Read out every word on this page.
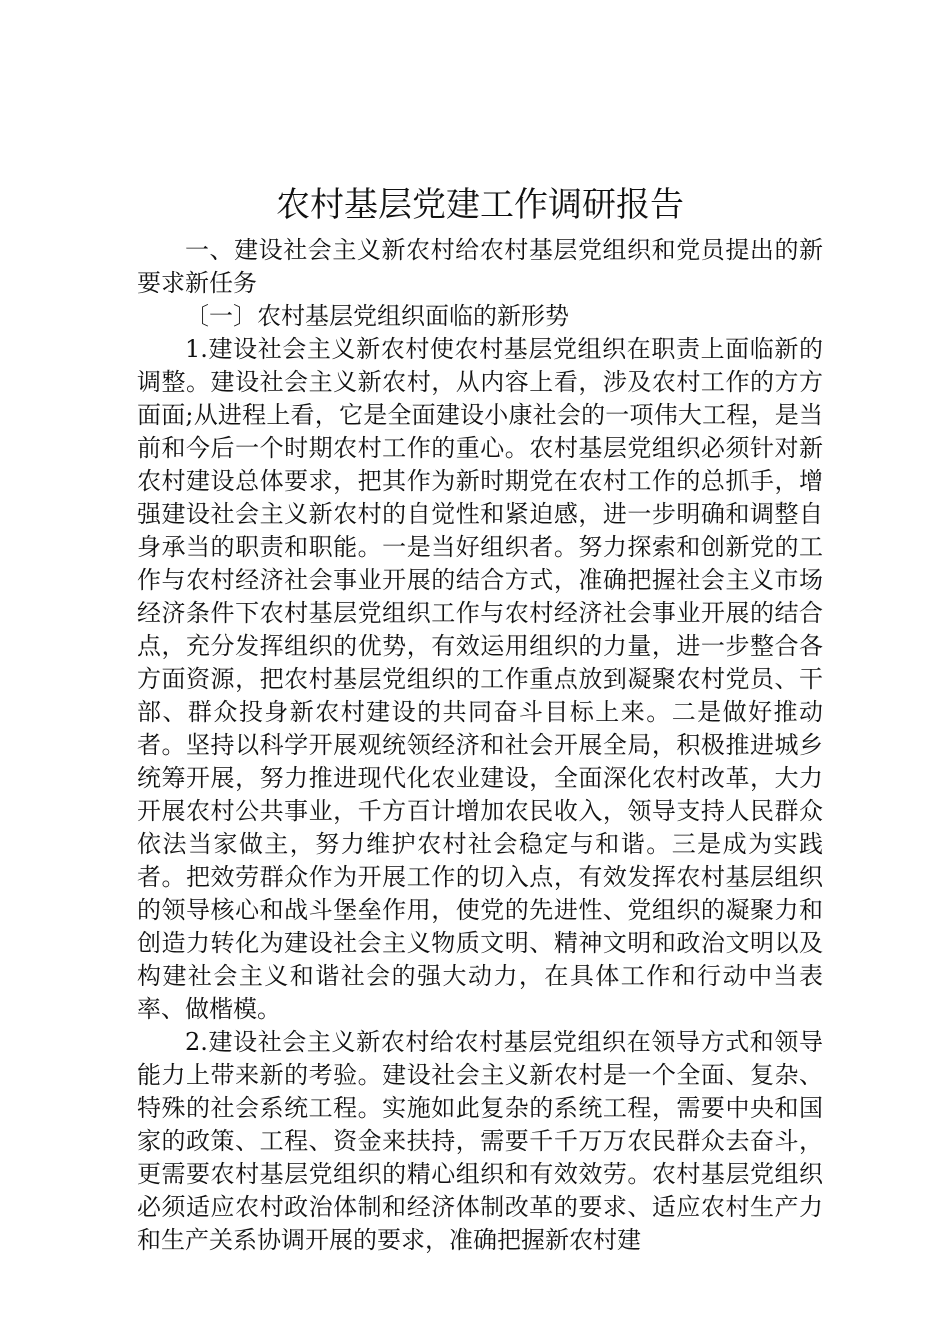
农村基层党建工作调研报告

一、建设社会主义新农村给农村基层党组织和党员提出的新要求新任务

〔一〕农村基层党组织面临的新形势

1.建设社会主义新农村使农村基层党组织在职责上面临新的调整。建设社会主义新农村，从内容上看，涉及农村工作的方方面面;从进程上看，它是全面建设小康社会的一项伟大工程，是当前和今后一个时期农村工作的重心。农村基层党组织必须针对新农村建设总体要求，把其作为新时期党在农村工作的总抓手，增强建设社会主义新农村的自觉性和紧迫感，进一步明确和调整自身承当的职责和职能。一是当好组织者。努力探索和创新党的工作与农村经济社会事业开展的结合方式，准确把握社会主义市场经济条件下农村基层党组织工作与农村经济社会事业开展的结合点，充分发挥组织的优势，有效运用组织的力量，进一步整合各方面资源，把农村基层党组织的工作重点放到凝聚农村党员、干部、群众投身新农村建设的共同奋斗目标上来。二是做好推动者。坚持以科学开展观统领经济和社会开展全局，积极推进城乡统筹开展，努力推进现代化农业建设，全面深化农村改革，大力开展农村公共事业，千方百计增加农民收入，领导支持人民群众依法当家做主，努力维护农村社会稳定与和谐。三是成为实践者。把效劳群众作为开展工作的切入点，有效发挥农村基层组织的领导核心和战斗堡垒作用，使党的先进性、党组织的凝聚力和创造力转化为建设社会主义物质文明、精神文明和政治文明以及构建社会主义和谐社会的强大动力，在具体工作和行动中当表率、做楷模。

2.建设社会主义新农村给农村基层党组织在领导方式和领导能力上带来新的考验。建设社会主义新农村是一个全面、复杂、特殊的社会系统工程。实施如此复杂的系统工程，需要中央和国家的政策、工程、资金来扶持，需要千千万万农民群众去奋斗，更需要农村基层党组织的精心组织和有效效劳。农村基层党组织必须适应农村政治体制和经济体制改革的要求、适应农村生产力和生产关系协调开展的要求，准确把握新农村建
